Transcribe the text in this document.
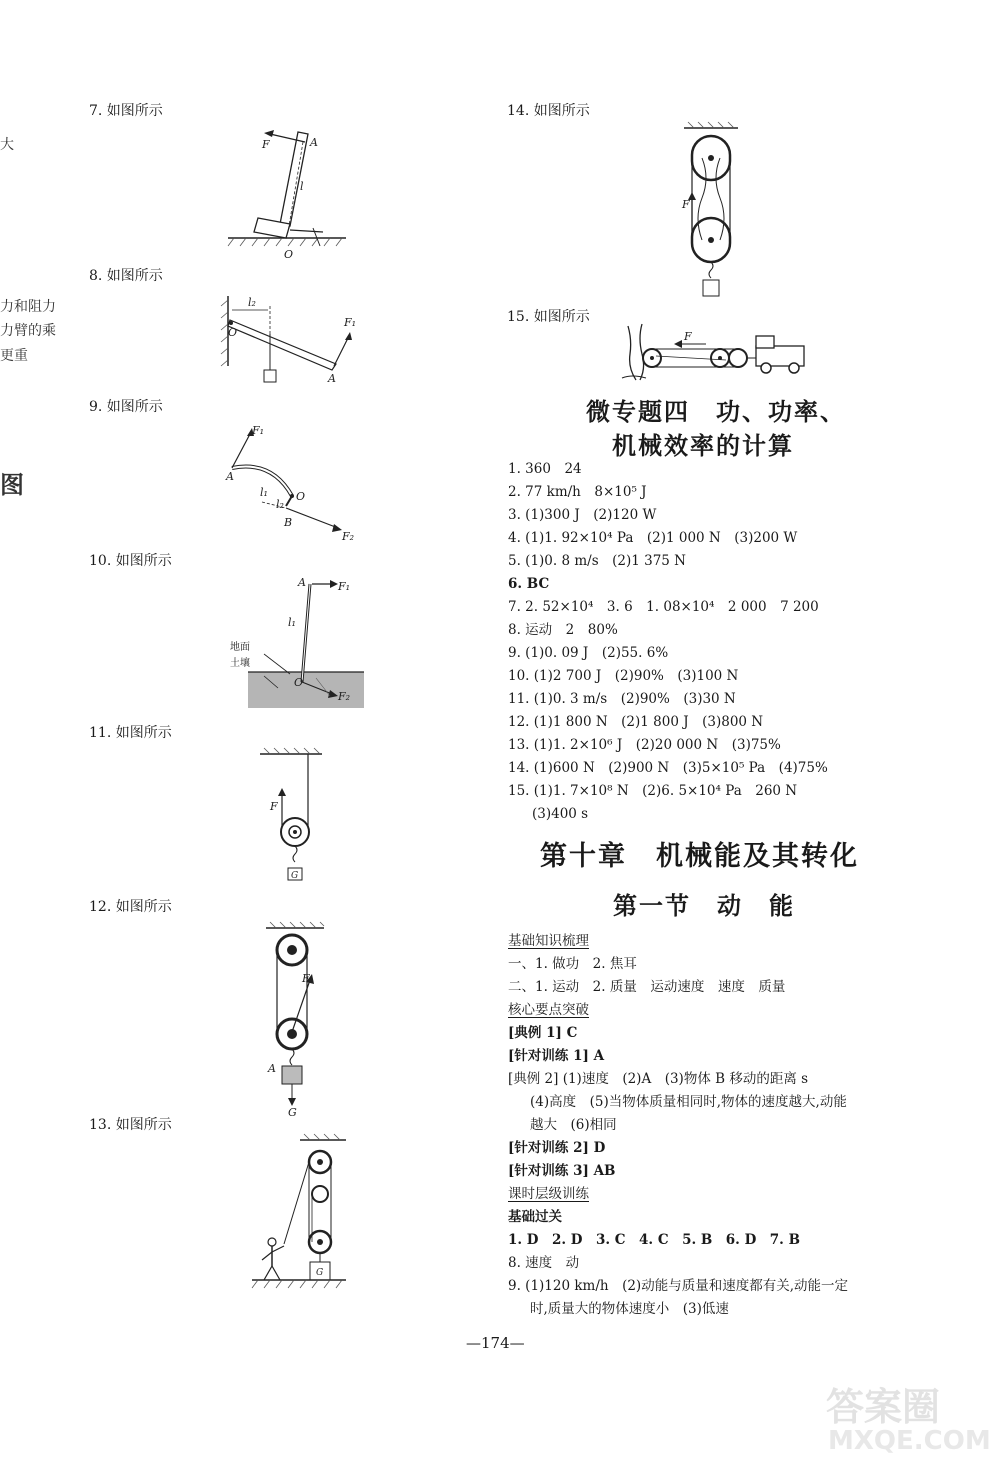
大
力和阻力
力臂的乘
更重
图
7. 如图所示
F	A
l
O
8. 如图所示
l₂
O
F₁
A
9. 如图所示
F₁
A
l₁	O
l₂
B
F₂
10. 如图所示
A	F₁
l₁
地面
土壤
O
F₂
11. 如图所示
F
G
12. 如图所示
F
A
G
13. 如图所示
G
14. 如图所示
F
15. 如图所示
F
微专题四　功、功率、
机械效率的计算
1. 360　24
2. 77 km/h　8×10⁵ J
3. (1)300 J　(2)120 W
4. (1)1. 92×10⁴ Pa　(2)1 000 N　(3)200 W
5. (1)0. 8 m/s　(2)1 375 N
6. BC
7. 2. 52×10⁴　3. 6　1. 08×10⁴　2 000　7 200
8. 运动　2　80%
9. (1)0. 09 J　(2)55. 6%
10. (1)2 700 J　(2)90%　(3)100 N
11. (1)0. 3 m/s　(2)90%　(3)30 N
12. (1)1 800 N　(2)1 800 J　(3)800 N
13. (1)1. 2×10⁶ J　(2)20 000 N　(3)75%
14. (1)600 N　(2)900 N　(3)5×10⁵ Pa　(4)75%
15. (1)1. 7×10⁸ N　(2)6. 5×10⁴ Pa　260 N
(3)400 s
第十章　机械能及其转化
第一节　动　能
基础知识梳理
一、1. 做功　2. 焦耳
二、1. 运动　2. 质量　运动速度　速度　质量
核心要点突破
[典例 1] C
[针对训练 1] A
[典例 2] (1)速度　(2)A　(3)物体 B 移动的距离 s
(4)高度　(5)当物体质量相同时,物体的速度越大,动能
越大　(6)相同
[针对训练 2] D
[针对训练 3] AB
课时层级训练
基础过关
1. D　2. D　3. C　4. C　5. B　6. D　7. B
8. 速度　动
9. (1)120 km/h　(2)动能与质量和速度都有关,动能一定
时,质量大的物体速度小　(3)低速
—174—
答案圈
MXQE.COM
